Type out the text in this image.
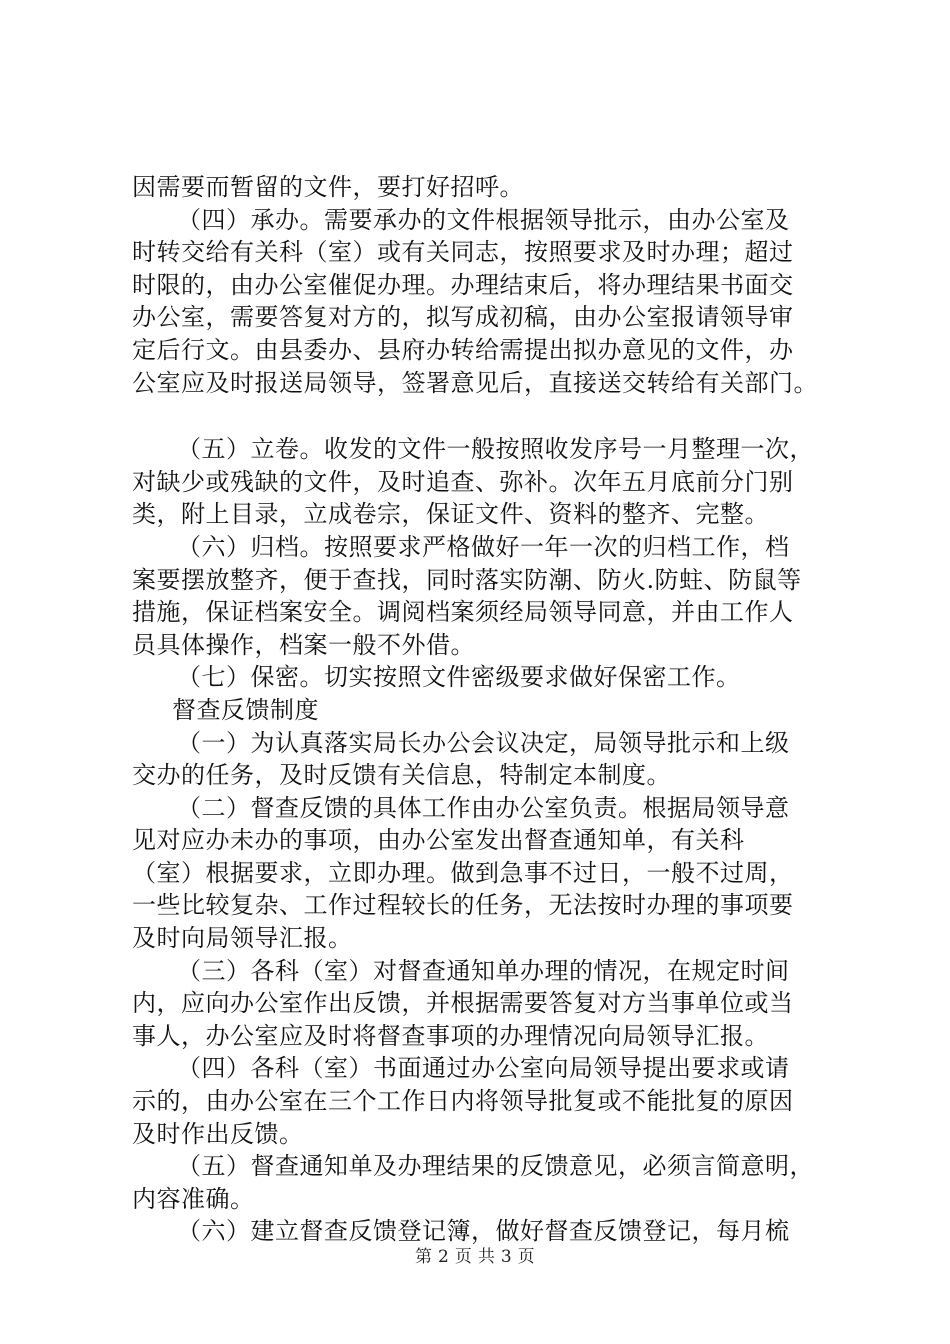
因需要而暂留的文件，要打好招呼。
（四）承办。需要承办的文件根据领导批示，由办公室及
时转交给有关科（室）或有关同志，按照要求及时办理；超过
时限的，由办公室催促办理。办理结束后，将办理结果书面交
办公室，需要答复对方的，拟写成初稿，由办公室报请领导审
定后行文。由县委办、县府办转给需提出拟办意见的文件，办
公室应及时报送局领导，签署意见后，直接送交转给有关部门。
（五）立卷。收发的文件一般按照收发序号一月整理一次，
对缺少或残缺的文件，及时追查、弥补。次年五月底前分门别
类，附上目录，立成卷宗，保证文件、资料的整齐、完整。
（六）归档。按照要求严格做好一年一次的归档工作，档
案要摆放整齐，便于查找，同时落实防潮、防火.防蛀、防鼠等
措施，保证档案安全。调阅档案须经局领导同意，并由工作人
员具体操作，档案一般不外借。
（七）保密。切实按照文件密级要求做好保密工作。
督查反馈制度
（一）为认真落实局长办公会议决定，局领导批示和上级
交办的任务，及时反馈有关信息，特制定本制度。
（二）督查反馈的具体工作由办公室负责。根据局领导意
见对应办未办的事项，由办公室发出督查通知单，有关科
（室）根据要求，立即办理。做到急事不过日，一般不过周，
一些比较复杂、工作过程较长的任务，无法按时办理的事项要
及时向局领导汇报。
（三）各科（室）对督查通知单办理的情况，在规定时间
内，应向办公室作出反馈，并根据需要答复对方当事单位或当
事人，办公室应及时将督查事项的办理情况向局领导汇报。
（四）各科（室）书面通过办公室向局领导提出要求或请
示的，由办公室在三个工作日内将领导批复或不能批复的原因
及时作出反馈。
（五）督查通知单及办理结果的反馈意见，必须言简意明，
内容准确。
（六）建立督查反馈登记簿，做好督查反馈登记，每月梳
第 2 页 共 3 页
